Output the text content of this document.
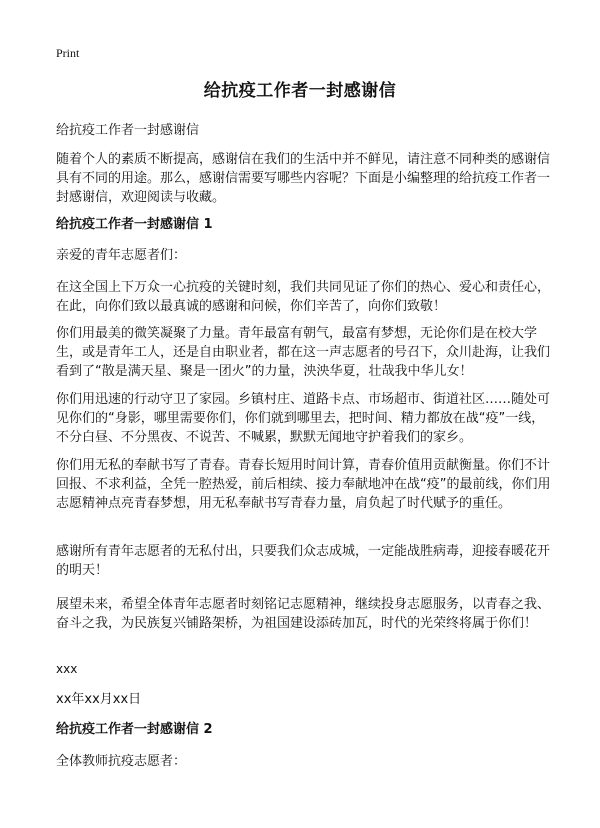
Print
给抗疫工作者一封感谢信
给抗疫工作者一封感谢信
随着个人的素质不断提高，感谢信在我们的生活中并不鲜见，请注意不同种类的感谢信具有不同的用途。那么，感谢信需要写哪些内容呢？下面是小编整理的给抗疫工作者一封感谢信，欢迎阅读与收藏。
给抗疫工作者一封感谢信 1
亲爱的青年志愿者们：
在这全国上下万众一心抗疫的关键时刻，我们共同见证了你们的热心、爱心和责任心，在此，向你们致以最真诚的感谢和问候，你们辛苦了，向你们致敬！
你们用最美的微笑凝聚了力量。青年最富有朝气，最富有梦想，无论你们是在校大学生，或是青年工人，还是自由职业者，都在这一声志愿者的号召下，众川赴海，让我们看到了“散是满天星、聚是一团火”的力量，泱泱华夏，壮哉我中华儿女！
你们用迅速的行动守卫了家园。乡镇村庄、道路卡点、市场超市、街道社区……随处可见你们的“身影，哪里需要你们，你们就到哪里去，把时间、精力都放在战“疫”一线，不分白昼、不分黑夜、不说苦、不喊累，默默无闻地守护着我们的家乡。
你们用无私的奉献书写了青春。青春长短用时间计算，青春价值用贡献衡量。你们不计回报、不求利益，全凭一腔热爱，前后相续、接力奉献地冲在战“疫”的最前线，你们用志愿精神点亮青春梦想，用无私奉献书写青春力量，肩负起了时代赋予的重任。
感谢所有青年志愿者的无私付出，只要我们众志成城，一定能战胜病毒，迎接春暖花开的明天！
展望未来，希望全体青年志愿者时刻铭记志愿精神，继续投身志愿服务，以青春之我、奋斗之我，为民族复兴铺路架桥，为祖国建设添砖加瓦，时代的光荣终将属于你们！
xxx
xx年xx月xx日
给抗疫工作者一封感谢信 2
全体教师抗疫志愿者：
